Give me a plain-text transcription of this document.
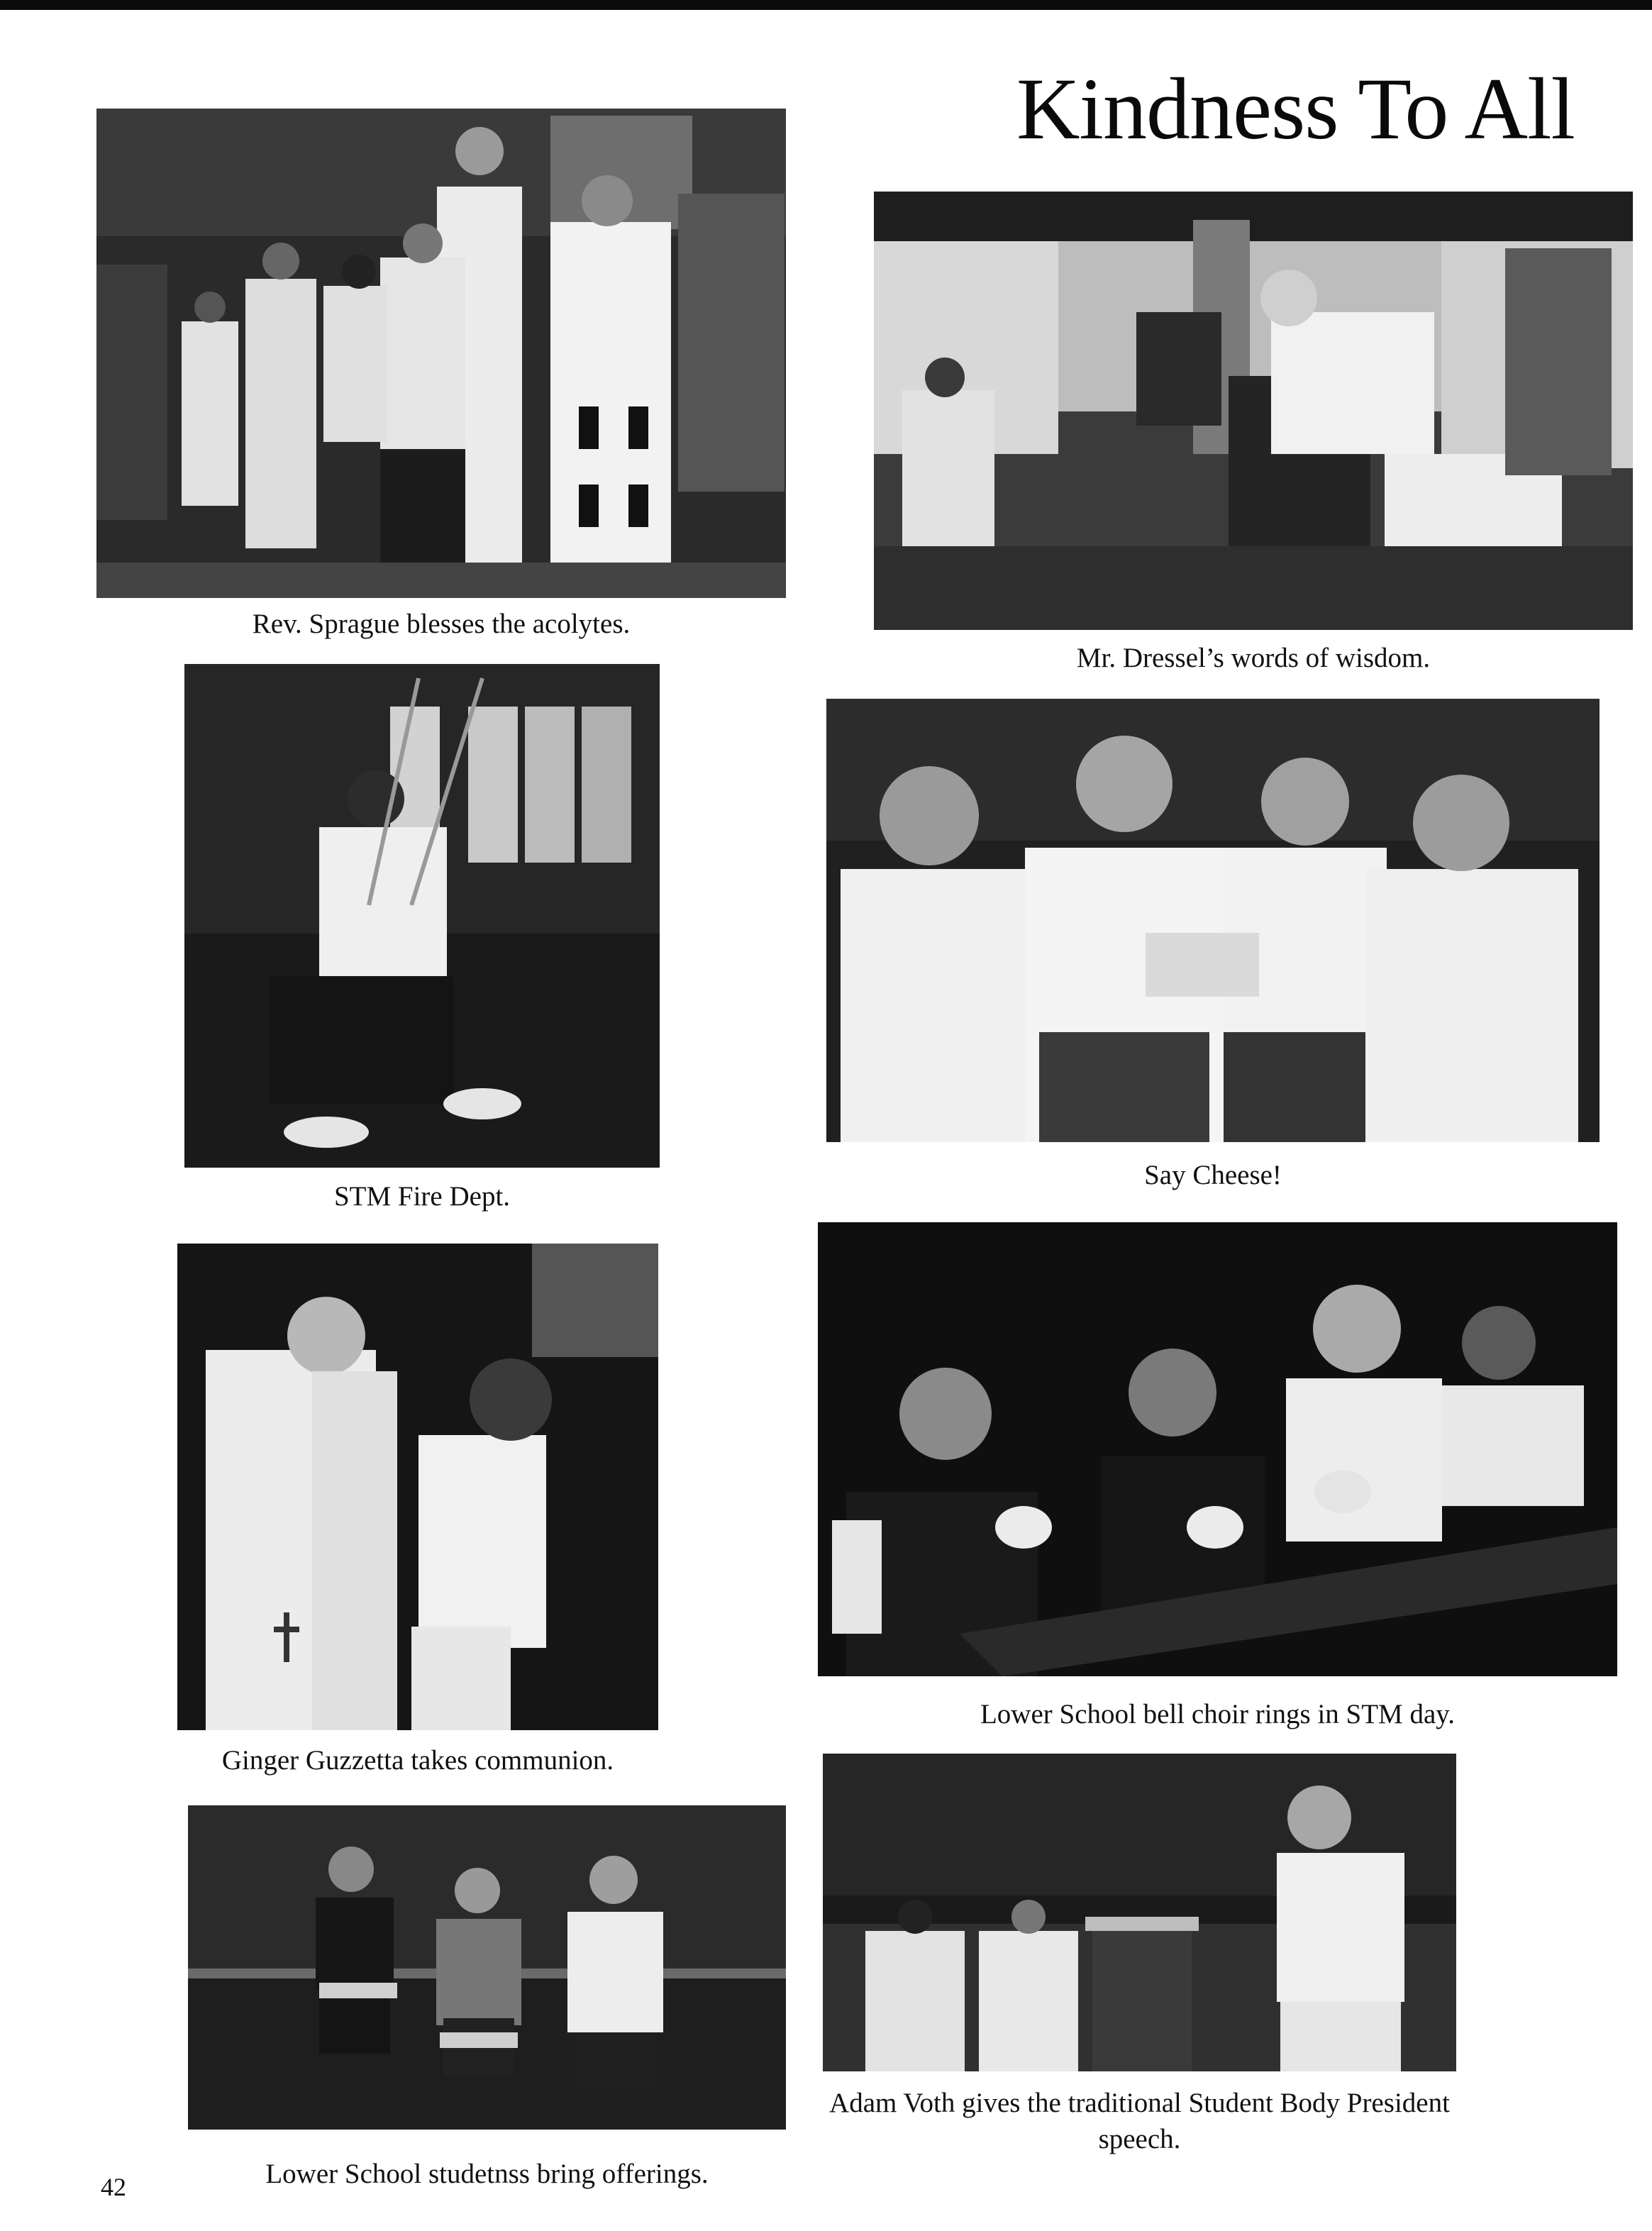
Kindness To All
Rev. Sprague blesses the acolytes.
Mr. Dressel’s words of wisdom.
STM Fire Dept.
Say Cheese!
Ginger Guzzetta takes communion.
Lower School bell choir rings in STM day.
Lower School studetnss bring offerings.
Adam Voth gives the traditional Student Body President speech.
42
